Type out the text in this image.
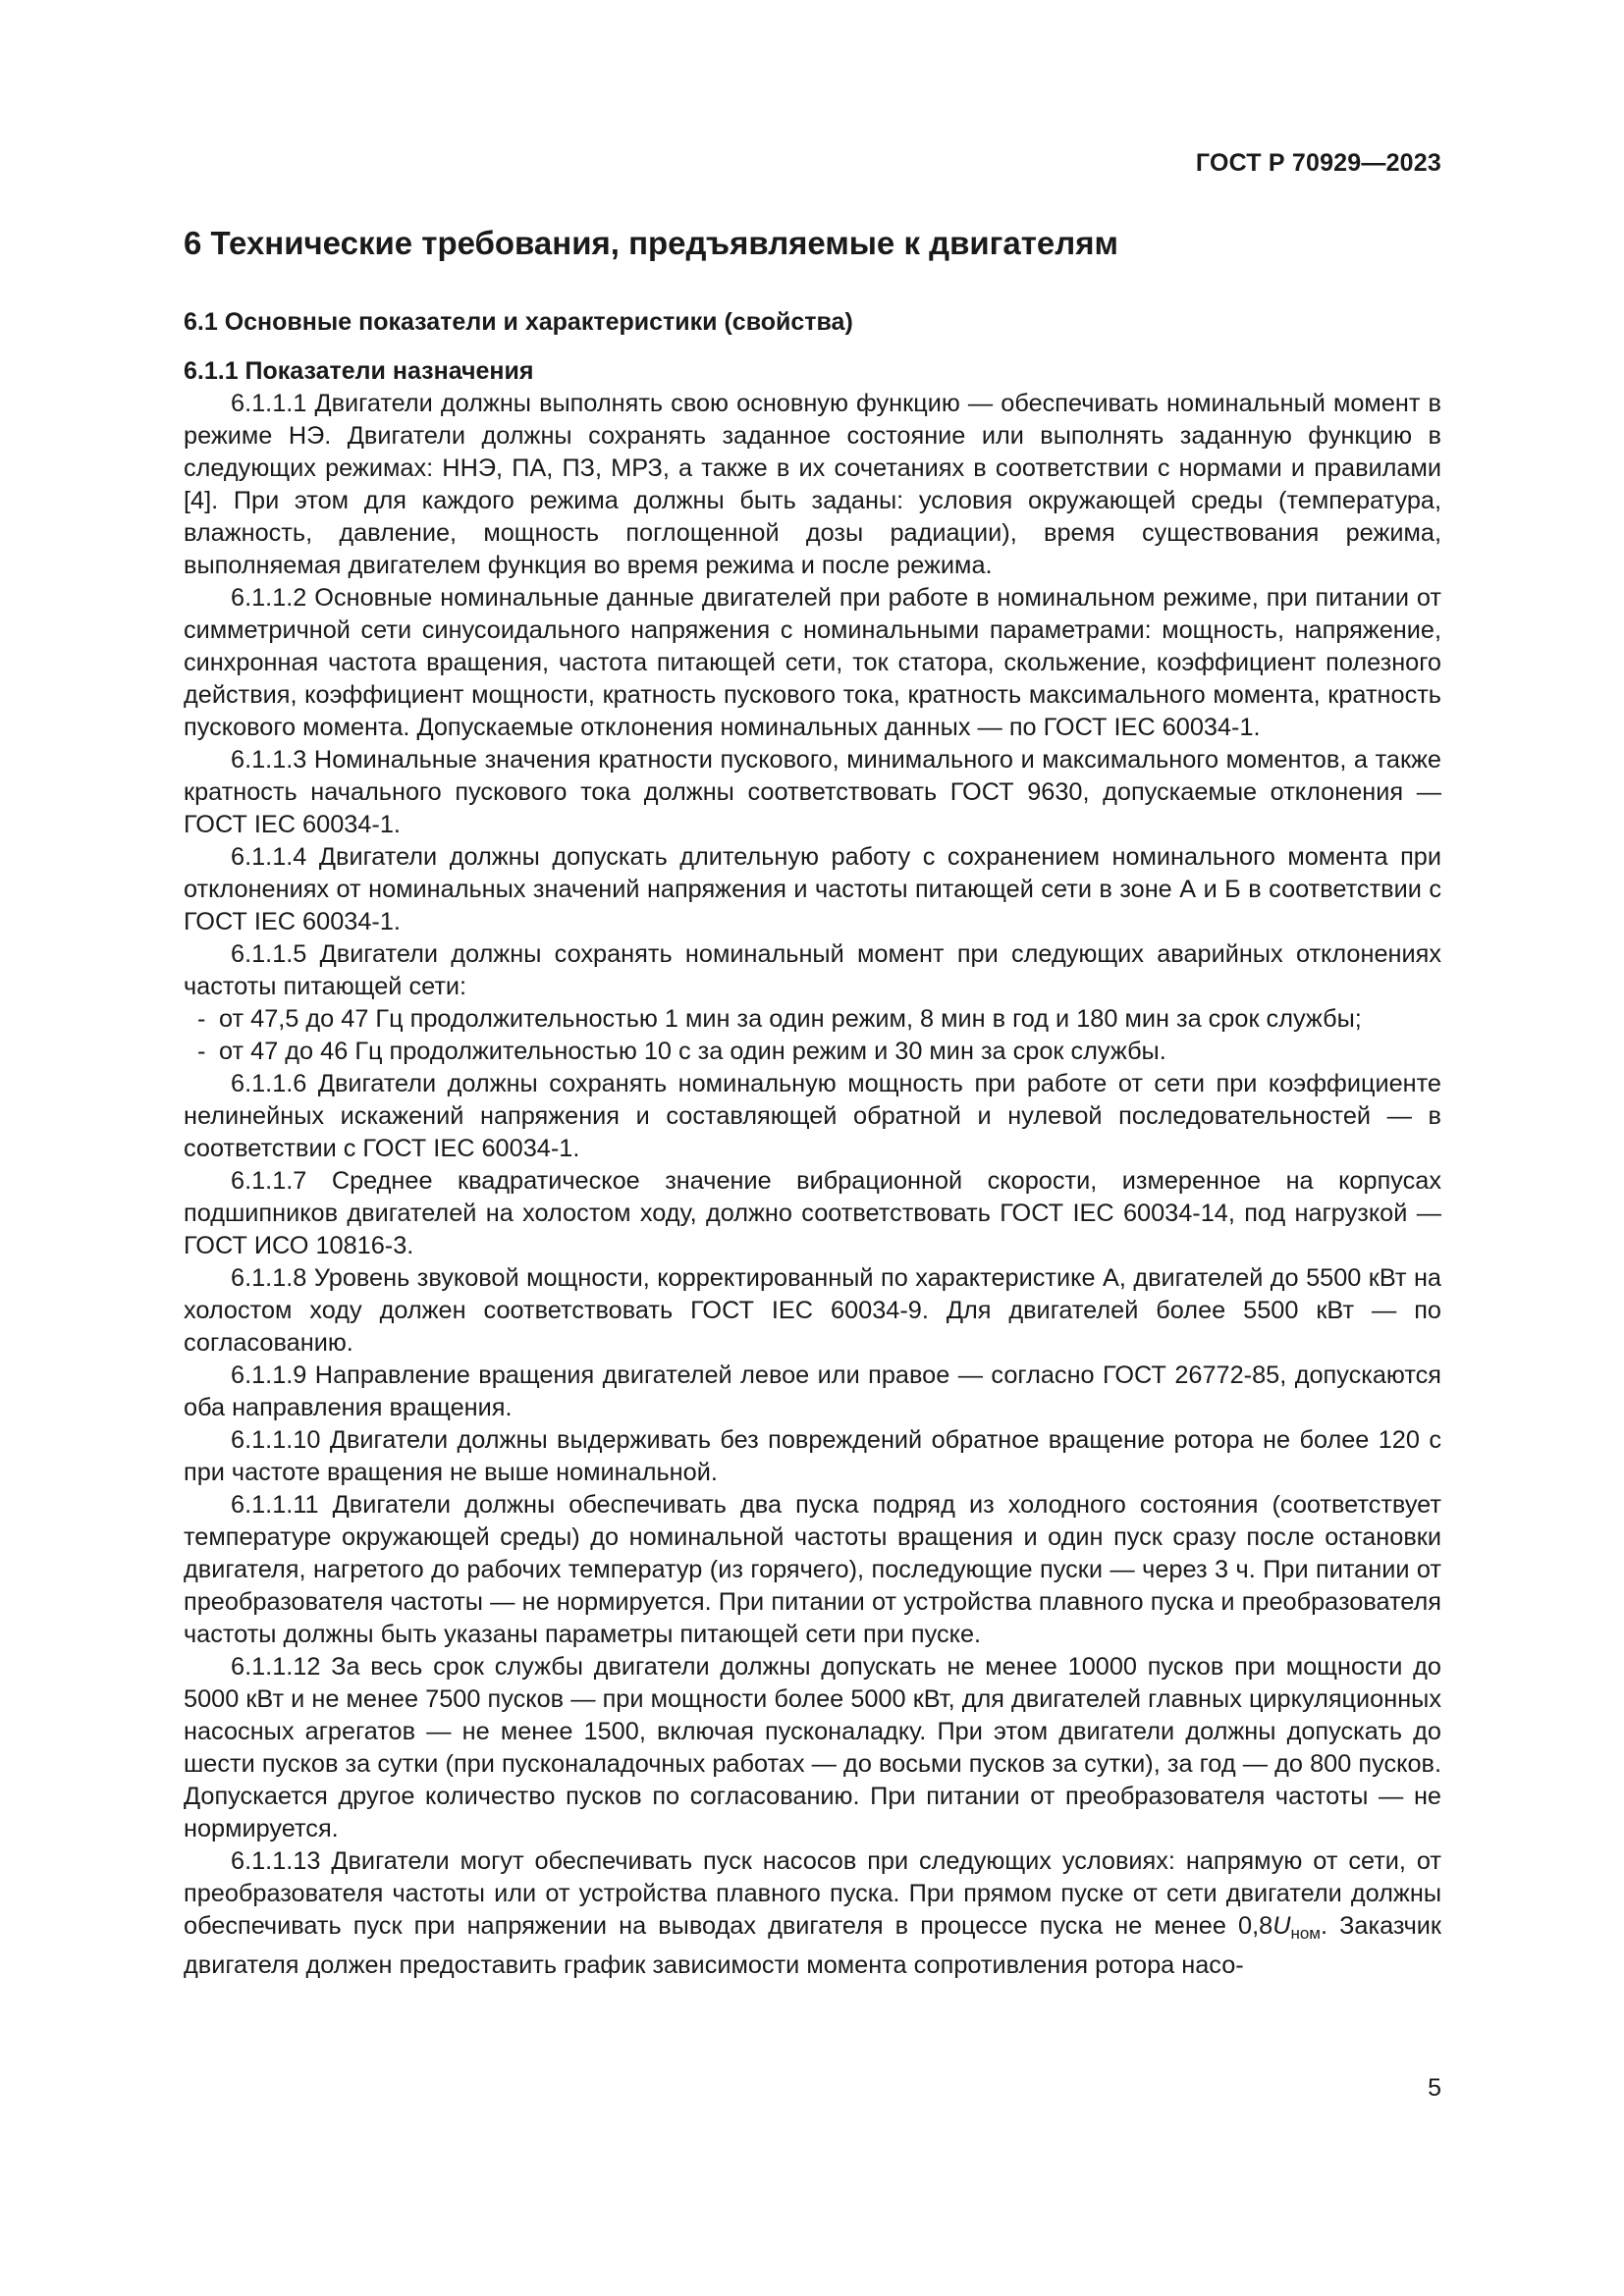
ГОСТ Р 70929—2023
6 Технические требования, предъявляемые к двигателям
6.1 Основные показатели и характеристики (свойства)
6.1.1 Показатели назначения

6.1.1.1 Двигатели должны выполнять свою основную функцию — обеспечивать номинальный момент в режиме НЭ. Двигатели должны сохранять заданное состояние или выполнять заданную функцию в следующих режимах: ННЭ, ПА, ПЗ, МРЗ, а также в их сочетаниях в соответствии с нормами и правилами [4]. При этом для каждого режима должны быть заданы: условия окружающей среды (температура, влажность, давление, мощность поглощенной дозы радиации), время существования режима, выполняемая двигателем функция во время режима и после режима.

6.1.1.2 Основные номинальные данные двигателей при работе в номинальном режиме, при питании от симметричной сети синусоидального напряжения с номинальными параметрами: мощность, напряжение, синхронная частота вращения, частота питающей сети, ток статора, скольжение, коэффициент полезного действия, коэффициент мощности, кратность пускового тока, кратность максимального момента, кратность пускового момента. Допускаемые отклонения номинальных данных — по ГОСТ IEC 60034-1.

6.1.1.3 Номинальные значения кратности пускового, минимального и максимального моментов, а также кратность начального пускового тока должны соответствовать ГОСТ 9630, допускаемые отклонения — ГОСТ IEC 60034-1.

6.1.1.4 Двигатели должны допускать длительную работу с сохранением номинального момента при отклонениях от номинальных значений напряжения и частоты питающей сети в зоне А и Б в соответствии с ГОСТ IEC 60034-1.

6.1.1.5 Двигатели должны сохранять номинальный момент при следующих аварийных отклонениях частоты питающей сети:

- от 47,5 до 47 Гц продолжительностью 1 мин за один режим, 8 мин в год и 180 мин за срок службы;

- от 47 до 46 Гц продолжительностью 10 с за один режим и 30 мин за срок службы.

6.1.1.6 Двигатели должны сохранять номинальную мощность при работе от сети при коэффициенте нелинейных искажений напряжения и составляющей обратной и нулевой последовательностей — в соответствии с ГОСТ IEC 60034-1.

6.1.1.7 Среднее квадратическое значение вибрационной скорости, измеренное на корпусах подшипников двигателей на холостом ходу, должно соответствовать ГОСТ IEC 60034-14, под нагрузкой — ГОСТ ИСО 10816-3.

6.1.1.8 Уровень звуковой мощности, корректированный по характеристике А, двигателей до 5500 кВт на холостом ходу должен соответствовать ГОСТ IEC 60034-9. Для двигателей более 5500 кВт — по согласованию.

6.1.1.9 Направление вращения двигателей левое или правое — согласно ГОСТ 26772-85, допускаются оба направления вращения.

6.1.1.10 Двигатели должны выдерживать без повреждений обратное вращение ротора не более 120 с при частоте вращения не выше номинальной.

6.1.1.11 Двигатели должны обеспечивать два пуска подряд из холодного состояния (соответствует температуре окружающей среды) до номинальной частоты вращения и один пуск сразу после остановки двигателя, нагретого до рабочих температур (из горячего), последующие пуски — через 3 ч. При питании от преобразователя частоты — не нормируется. При питании от устройства плавного пуска и преобразователя частоты должны быть указаны параметры питающей сети при пуске.

6.1.1.12 За весь срок службы двигатели должны допускать не менее 10000 пусков при мощности до 5000 кВт и не менее 7500 пусков — при мощности более 5000 кВт, для двигателей главных циркуляционных насосных агрегатов — не менее 1500, включая пусконаладку. При этом двигатели должны допускать до шести пусков за сутки (при пусконаладочных работах — до восьми пусков за сутки), за год — до 800 пусков. Допускается другое количество пусков по согласованию. При питании от преобразователя частоты — не нормируется.

6.1.1.13 Двигатели могут обеспечивать пуск насосов при следующих условиях: напрямую от сети, от преобразователя частоты или от устройства плавного пуска. При прямом пуске от сети двигатели должны обеспечивать пуск при напряжении на выводах двигателя в процессе пуска не менее $0,8U_{ном}$. Заказчик двигателя должен предоставить график зависимости момента сопротивления ротора насо-

5
